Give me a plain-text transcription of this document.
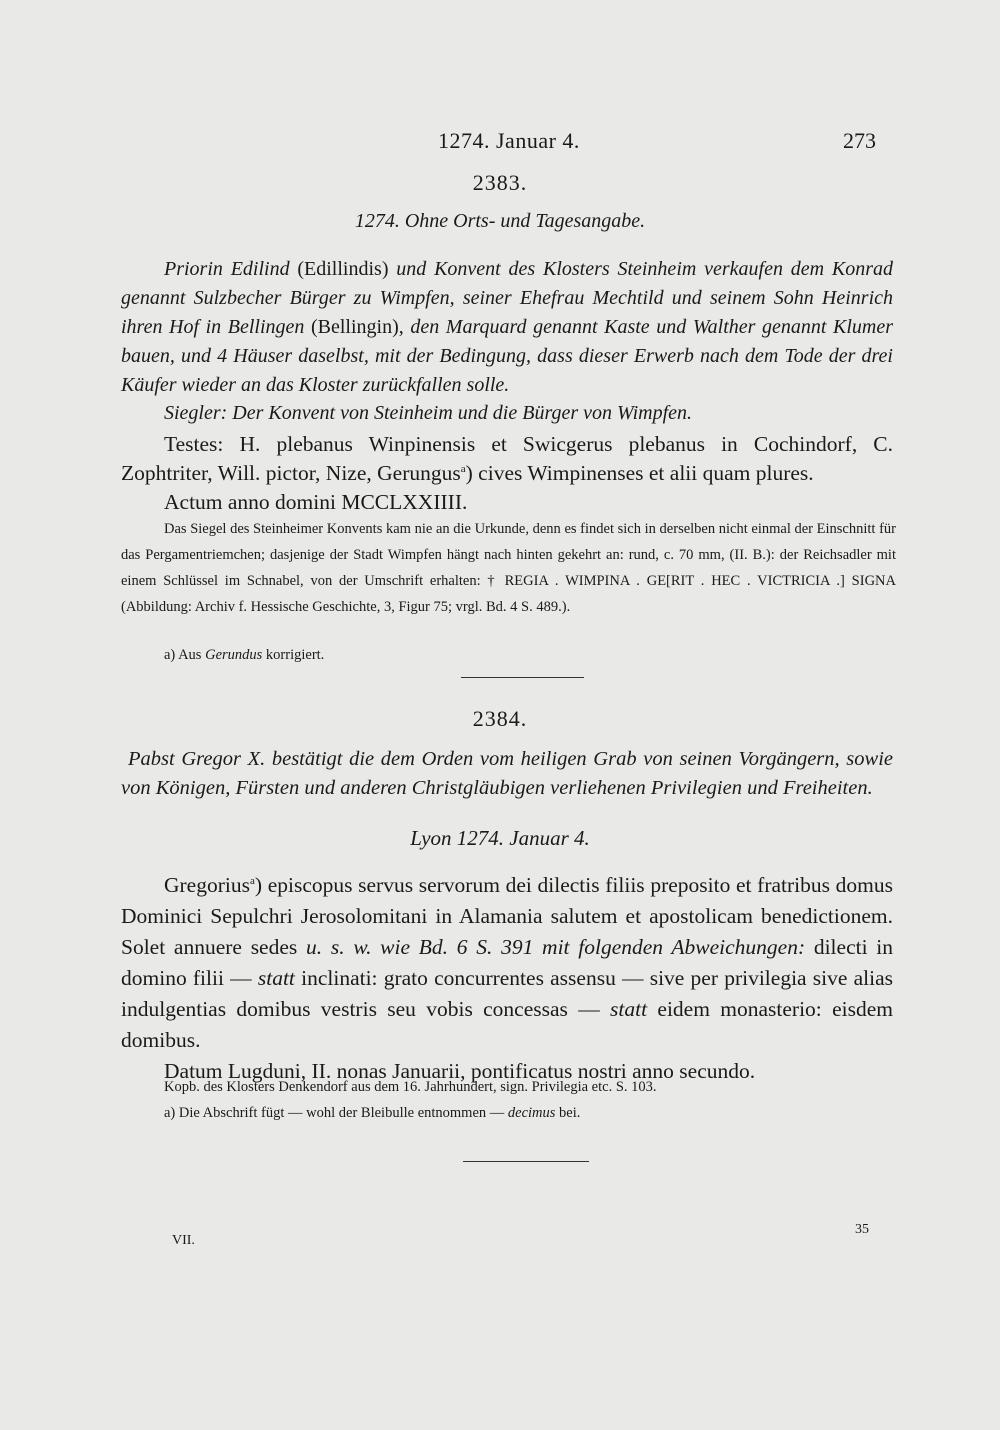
1274. Januar 4.	273
2383.
1274. Ohne Orts- und Tagesangabe.
Priorin Edilind (Edillindis) und Konvent des Klosters Steinheim verkaufen dem Konrad genannt Sulzbecher Bürger zu Wimpfen, seiner Ehefrau Mechtild und seinem Sohn Heinrich ihren Hof in Bellingen (Bellingin), den Marquard genannt Kaste und Walther genannt Klumer bauen, und 4 Häuser daselbst, mit der Bedingung, dass dieser Erwerb nach dem Tode der drei Käufer wieder an das Kloster zurückfallen solle.
Siegler: Der Konvent von Steinheim und die Bürger von Wimpfen.

Testes: H. plebanus Winpinensis et Swicgerus plebanus in Cochindorf, C. Zophtriter, Will. pictor, Nize, Gerungus$^a$) cives Wimpinenses et alii quam plures.

Actum anno domini MCCLXXIIII.

Das Siegel des Steinheimer Konvents kam nie an die Urkunde, denn es findet sich in derselben nicht einmal der Einschnitt für das Pergamentriemchen; dasjenige der Stadt Wimpfen hängt nach hinten gekehrt an: rund, c. 70 mm, (II. B.): der Reichsadler mit einem Schlüssel im Schnabel, von der Umschrift erhalten: † REGIA . WIMPINA . GE[RIT . HEC . VICTRICIA .] SIGNA (Abbildung: Archiv f. Hessische Geschichte, 3, Figur 75; vrgl. Bd. 4 S. 489.).

a) Aus Gerundus korrigiert.
2384.
Pabst Gregor X. bestätigt die dem Orden vom heiligen Grab von seinen Vorgängern, sowie von Königen, Fürsten und anderen Christgläubigen verliehenen Privilegien und Freiheiten.
Lyon 1274. Januar 4.

Gregorius$^a$) episcopus servus servorum dei dilectis filiis preposito et fratribus domus Dominici Sepulchri Jerosolomitani in Alamania salutem et apostolicam benedictionem. Solet annuere sedes u. s. w. wie Bd. 6 S. 391 mit folgenden Abweichungen: dilecti in domino filii — statt inclinati: grato concurrentes assensu — sive per privilegia sive alias indulgentias domibus vestris seu vobis concessas — statt eidem monasterio: eisdem domibus.

Datum Lugduni, II. nonas Januarii, pontificatus nostri anno secundo.

Kopb. des Klosters Denkendorf aus dem 16. Jahrhundert, sign. Privilegia etc. S. 103.

a) Die Abschrift fügt — wohl der Bleibulle entnommen — decimus bei.

VII.
35
